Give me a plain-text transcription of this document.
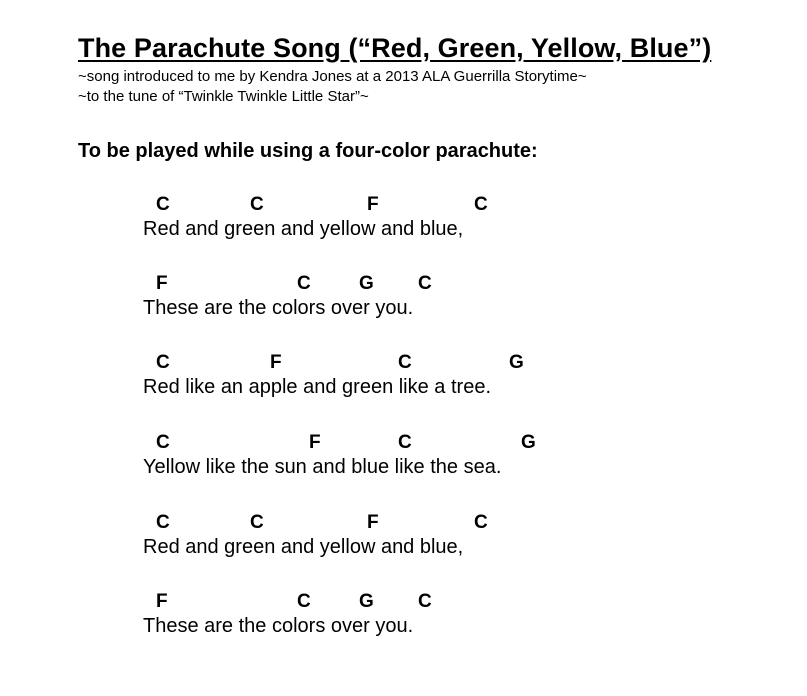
The Parachute Song (“Red, Green, Yellow, Blue”)
~song introduced to me by Kendra Jones at a 2013 ALA Guerrilla Storytime~
~to the tune of “Twinkle Twinkle Little Star”~
To be played while using a four-color parachute:
C	C	F	C
Red and green and yellow and blue,
F	C	G C
These are the colors over you.
C	F	C	G
Red like an apple and green like a tree.
C	F	C	G
Yellow like the sun and blue like the sea.
C	C	F	C
Red and green and yellow and blue,
F	C	G C
These are the colors over you.
